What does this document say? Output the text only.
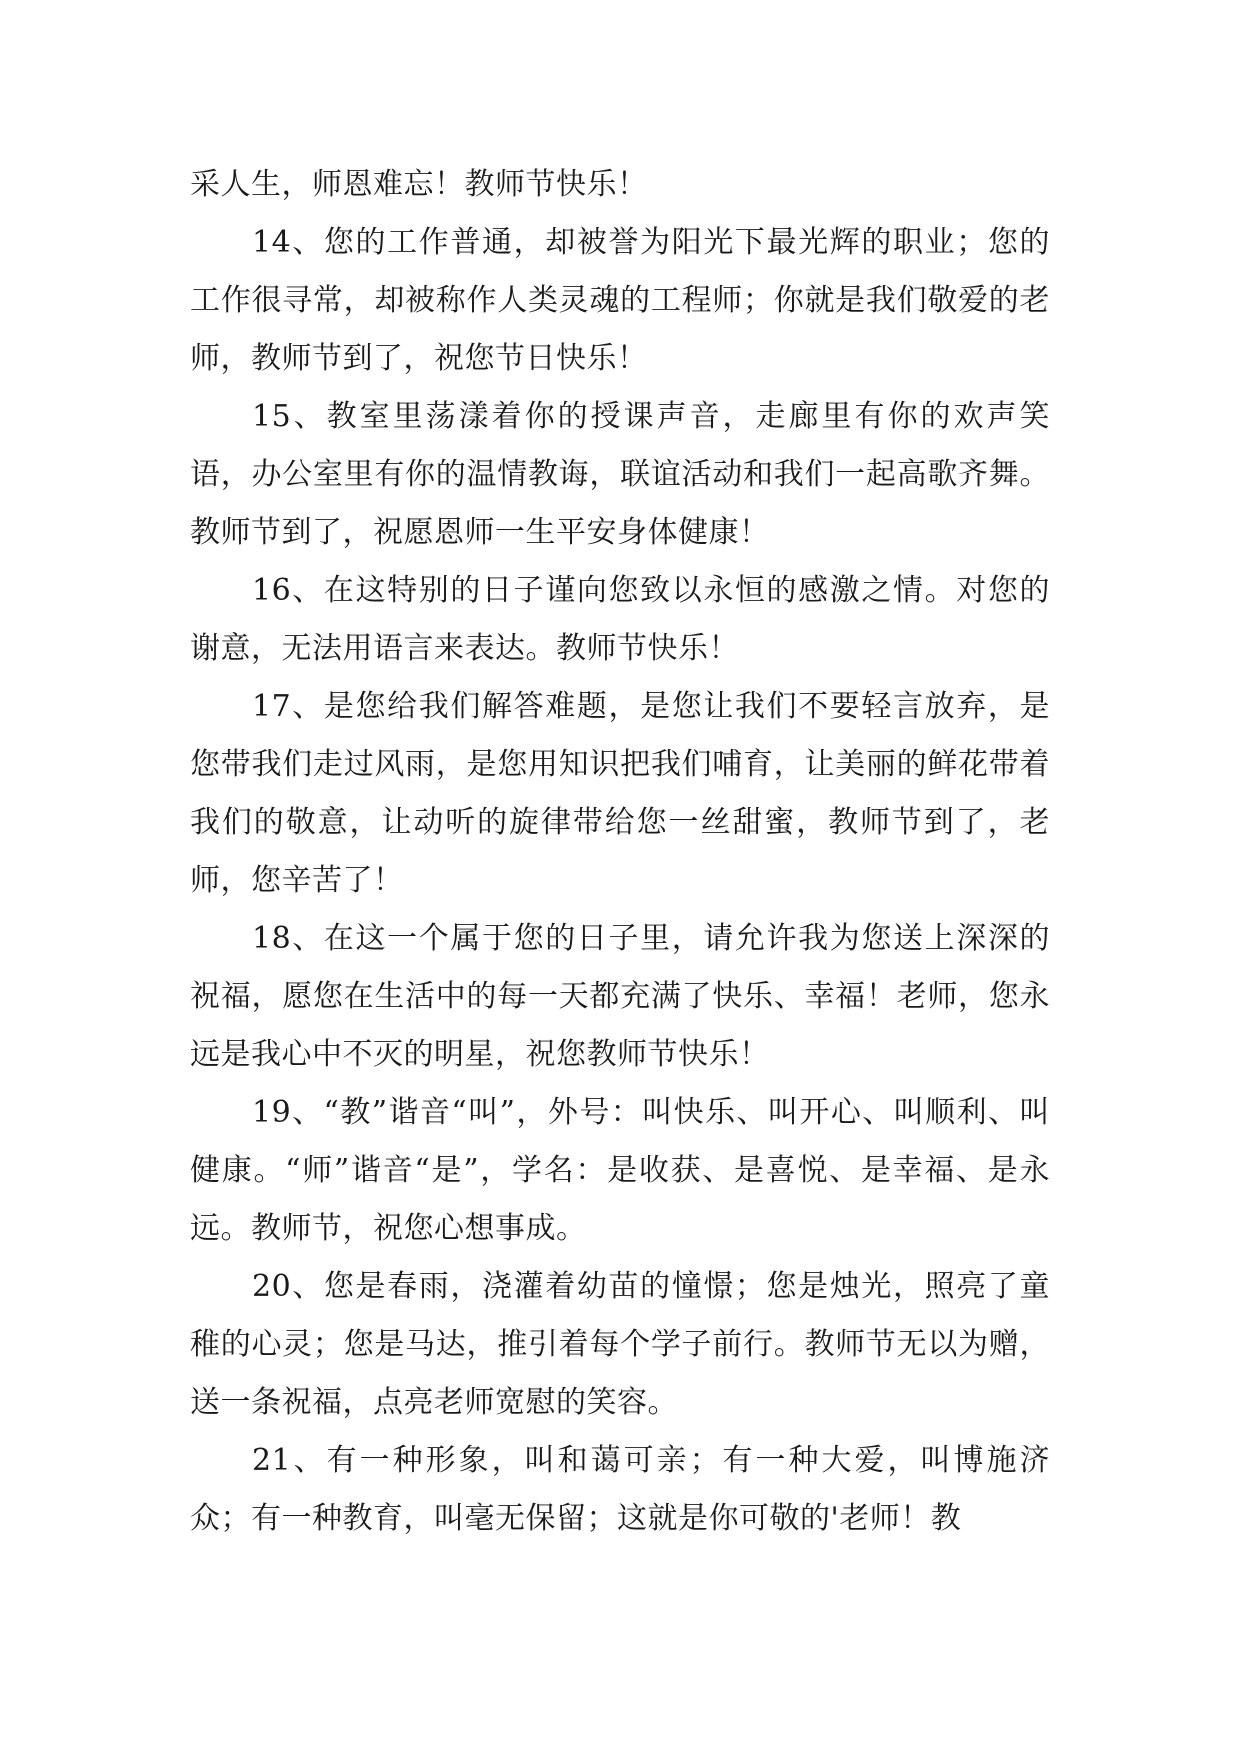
采人生，师恩难忘！教师节快乐！

14、您的工作普通，却被誉为阳光下最光辉的职业；您的工作很寻常，却被称作人类灵魂的工程师；你就是我们敬爱的老师，教师节到了，祝您节日快乐！

15、教室里荡漾着你的授课声音，走廊里有你的欢声笑语，办公室里有你的温情教诲，联谊活动和我们一起高歌齐舞。教师节到了，祝愿恩师一生平安身体健康！

16、在这特别的日子谨向您致以永恒的感激之情。对您的谢意，无法用语言来表达。教师节快乐！

17、是您给我们解答难题，是您让我们不要轻言放弃，是您带我们走过风雨，是您用知识把我们哺育，让美丽的鲜花带着我们的敬意，让动听的旋律带给您一丝甜蜜，教师节到了，老师，您辛苦了！

18、在这一个属于您的日子里，请允许我为您送上深深的祝福，愿您在生活中的每一天都充满了快乐、幸福！老师，您永远是我心中不灭的明星，祝您教师节快乐！

19、“教”谐音“叫”，外号：叫快乐、叫开心、叫顺利、叫健康。“师”谐音“是”，学名：是收获、是喜悦、是幸福、是永远。教师节，祝您心想事成。

20、您是春雨，浇灌着幼苗的憧憬；您是烛光，照亮了童稚的心灵；您是马达，推引着每个学子前行。教师节无以为赠，送一条祝福，点亮老师宽慰的笑容。

21、有一种形象，叫和蔼可亲；有一种大爱，叫博施济众；有一种教育，叫毫无保留；这就是你可敬的'老师！教
